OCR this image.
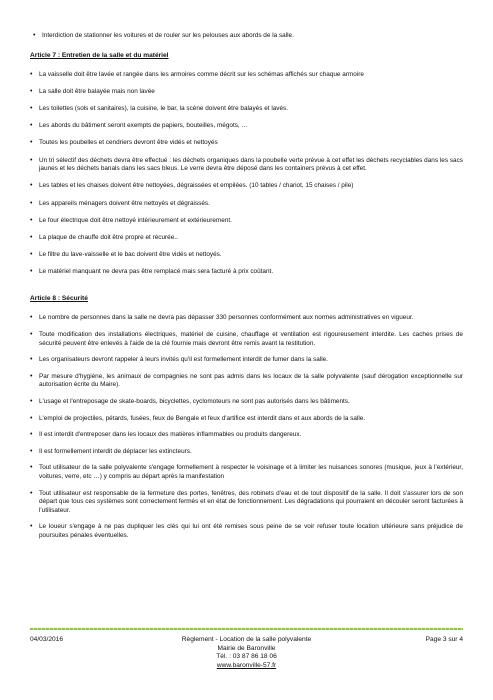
• Interdiction de stationner les voitures et de rouler sur les pelouses aux abords de la salle.
Article 7 : Entretien de la salle et du matériel
• La vaisselle doit être lavée et rangée dans les armoires comme décrit sur les schémas affichés sur chaque armoire
• La salle doit être balayée mais non lavée
• Les toilettes (sols et sanitaires), la cuisine, le bar, la scène doivent être balayés et lavés.
• Les abords du bâtiment seront exempts de papiers, bouteilles, mégots, …
• Toutes les poubelles et cendriers devront être vidés et nettoyés
• Un tri sélectif des déchets devra être effectué : les déchets organiques dans la poubelle verte prévue à cet effet les déchets recyclables dans les sacs jaunes et les déchets banals dans les sacs bleus. Le verre devra être déposé dans les containers prévus à cet effet.
• Les tables et les chaises doivent être nettoyées, dégraissées et empilées. (10 tables / chariot, 15 chaises / pile)
• Les appareils ménagers doivent être nettoyés et dégraissés.
• Le four électrique doit être nettoyé intérieurement et extérieurement.
• La plaque de chauffe doit être propre et récurée..
• Le filtre du lave-vaisselle et le bac doivent être vidés et nettoyés.
• Le matériel manquant ne devra pas être remplacé mais sera facturé à prix coûtant.
Article 8 : Sécurité
• Le nombre de personnes dans la salle ne devra pas dépasser 330 personnes conformément aux normes administratives en vigueur.
• Toute modification des installations électriques, matériel de cuisine, chauffage et ventilation est rigoureusement interdite. Les caches prises de sécurité peuvent être enlevés à l'aide de la clé fournie mais devront être remis avant la restitution.
• Les organisateurs devront rappeler à leurs invités qu'il est formellement interdit de fumer dans la salle.
• Par mesure d'hygiène, les animaux de compagnies ne sont pas admis dans les locaux de la salle polyvalente (sauf dérogation exceptionnelle sur autorisation écrite du Maire).
• L'usage et l'entreposage de skate-boards, bicyclettes, cyclomoteurs ne sont pas autorisés dans les bâtiments.
• L'emploi de projectiles, pétards, fusées, feux de Bengale et feux d'artifice est interdit dans et aux abords de la salle.
• Il est interdit d'entreposer dans les locaux des matières inflammables ou produits dangereux.
• Il est formellement interdit de déplacer les extincteurs.
• Tout utilisateur de la salle polyvalente s'engage formellement à respecter le voisinage et à limiter les nuisances sonores (musique, jeux à l'extérieur, voitures, verre, etc …) y compris au départ après la manifestation
• Tout utilisateur est responsable de la fermeture des portes, fenêtres, des robinets d'eau et de tout dispositif de la salle. Il doit s'assurer lors de son départ que tous ces systèmes sont correctement fermés et en état de fonctionnement. Les dégradations qui pourraient en découler seront facturées à l'utilisateur.
• Le loueur s'engage à ne pas dupliquer les clés qui lui ont été remises sous peine de se voir refuser toute location ultérieure sans préjudice de poursuites pénales éventuelles.
04/03/2016	Règlement - Location de la salle polyvalente
Mairie de Baronville
Tél. : 03 87 86 18 06
www.baronville-57.fr
Page 3 sur 4
